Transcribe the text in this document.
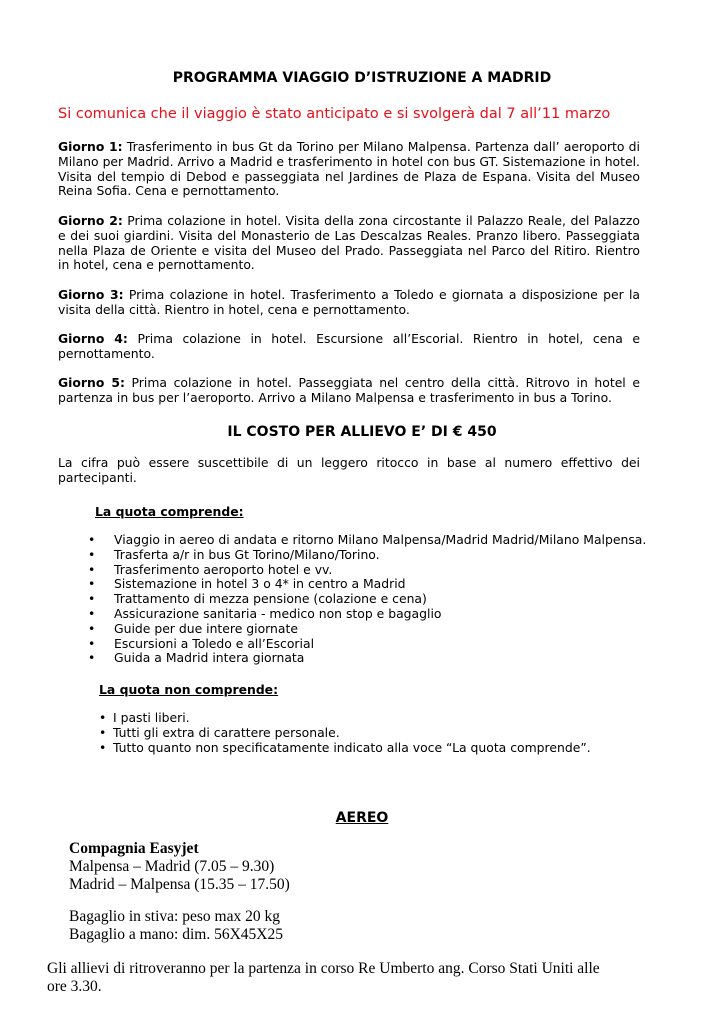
PROGRAMMA VIAGGIO D’ISTRUZIONE A MADRID
Si comunica che il viaggio è stato anticipato e si svolgerà dal 7 all’11 marzo
Giorno 1: Trasferimento in bus Gt da Torino per Milano Malpensa. Partenza dall’ aeroporto di Milano per Madrid. Arrivo a Madrid e trasferimento in hotel con bus GT. Sistemazione in hotel. Visita del tempio di Debod e passeggiata nel Jardines de Plaza de Espana. Visita del Museo Reina Sofia. Cena e pernottamento.
Giorno 2: Prima colazione in hotel. Visita della zona circostante il Palazzo Reale, del Palazzo e dei suoi giardini. Visita del Monasterio de Las Descalzas Reales. Pranzo libero. Passeggiata nella Plaza de Oriente e visita del Museo del Prado. Passeggiata nel Parco del Ritiro. Rientro in hotel, cena e pernottamento.
Giorno 3: Prima colazione in hotel. Trasferimento a Toledo e giornata a disposizione per la visita della città. Rientro in hotel, cena e pernottamento.
Giorno 4: Prima colazione in hotel. Escursione all’Escorial. Rientro in hotel, cena e pernottamento.
Giorno 5: Prima colazione in hotel. Passeggiata nel centro della città. Ritrovo in hotel e partenza in bus per l’aeroporto. Arrivo a Milano Malpensa e trasferimento in bus a Torino.
IL COSTO PER ALLIEVO E’ DI € 450
La cifra può essere suscettibile di un leggero ritocco in base al numero effettivo dei partecipanti.
La quota comprende:
• Viaggio in aereo di andata e ritorno Milano Malpensa/Madrid Madrid/Milano Malpensa.
• Trasferta a/r in bus Gt Torino/Milano/Torino.
• Trasferimento aeroporto hotel e vv.
• Sistemazione in hotel 3 o 4* in centro a Madrid
• Trattamento di mezza pensione (colazione e cena)
• Assicurazione sanitaria - medico non stop e bagaglio
• Guide per due intere giornate
• Escursioni a Toledo e all’Escorial
• Guida a Madrid intera giornata
La quota non comprende:
• I pasti liberi.
• Tutti gli extra di carattere personale.
• Tutto quanto non specificatamente indicato alla voce “La quota comprende”.
AEREO
Compagnia Easyjet
Malpensa – Madrid (7.05 – 9.30)
Madrid – Malpensa (15.35 – 17.50)
Bagaglio in stiva: peso max 20 kg
Bagaglio a mano: dim. 56X45X25
Gli allievi di ritroveranno per la partenza in corso Re Umberto ang. Corso Stati Uniti alle ore 3.30.
